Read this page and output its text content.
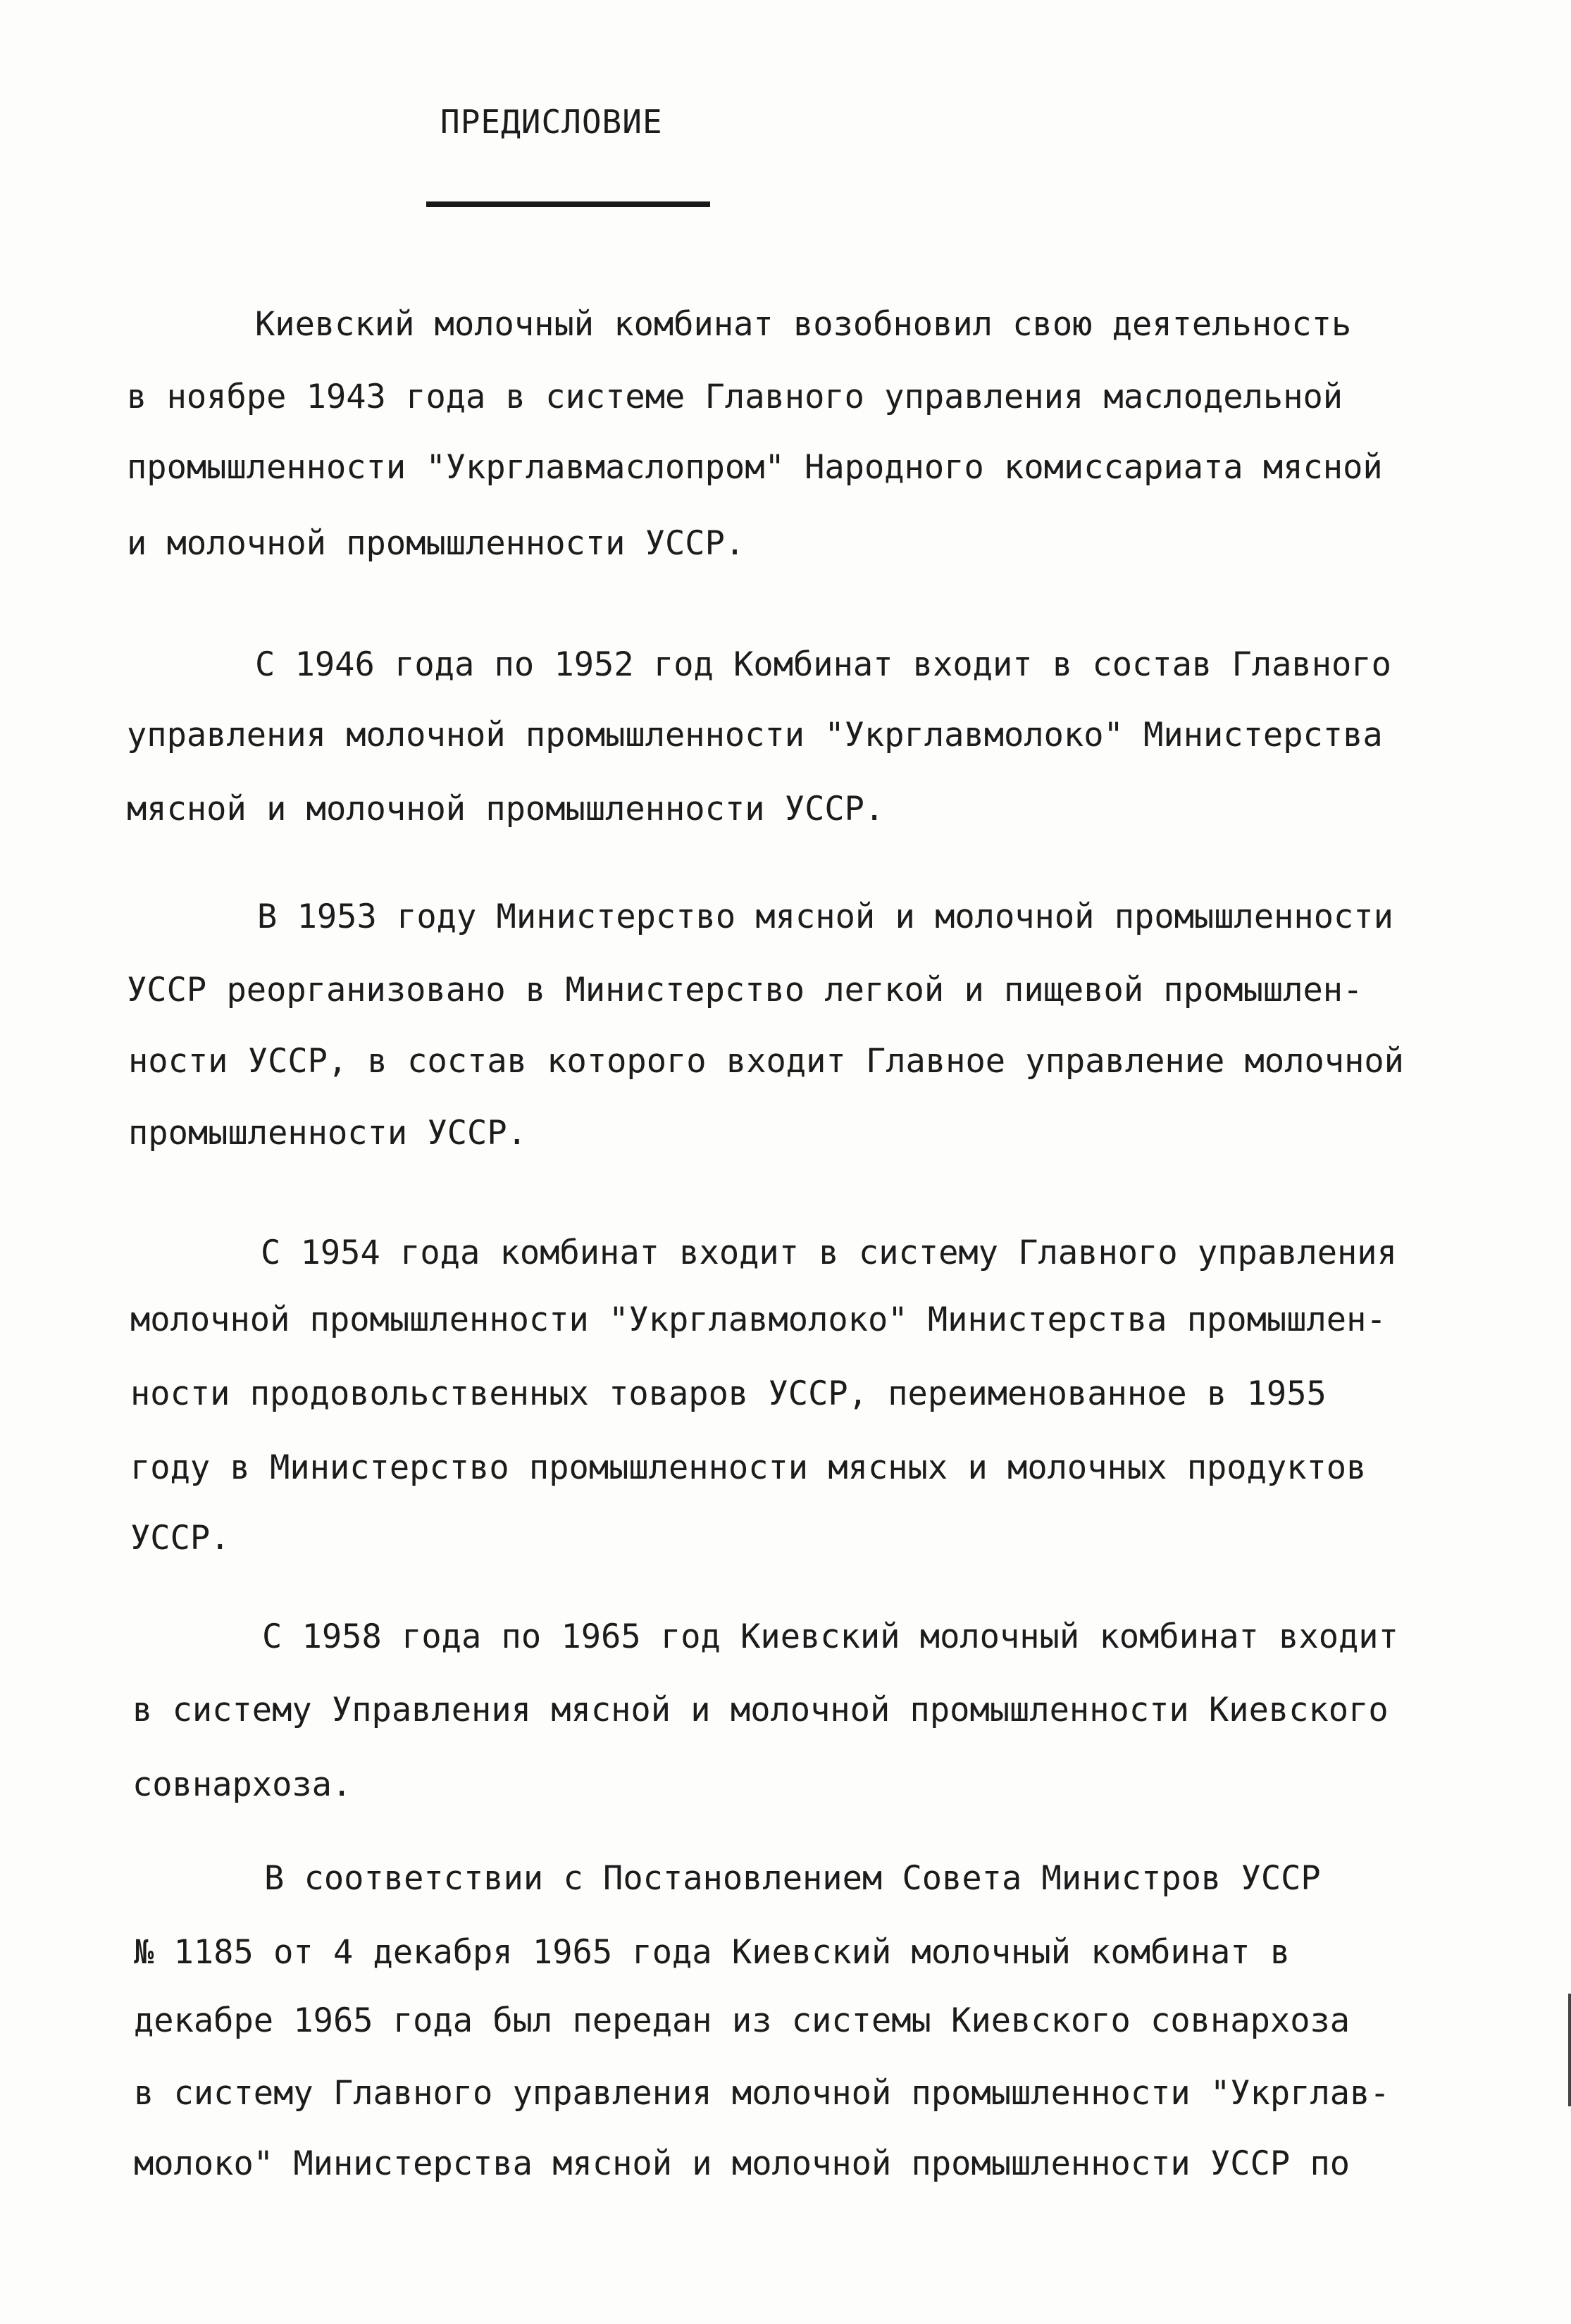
ПРЕДИСЛОВИЕ
Киевский молочный комбинат возобновил свою деятельность
в ноябре 1943 года в системе Главного управления маслодельной
промышленности "Укрглавмаслопром" Народного комиссариата мясной
и молочной промышленности УССР.
С 1946 года по 1952 год Комбинат входит в состав Главного
управления молочной промышленности "Укрглавмолоко" Министерства
мясной и молочной промышленности УССР.
В 1953 году Министерство мясной и молочной промышленности
УССР реорганизовано в Министерство легкой и пищевой промышлен-
ности УССР, в состав которого входит Главное управление молочной
промышленности УССР.
С 1954 года комбинат входит в систему Главного управления
молочной промышленности "Укрглавмолоко" Министерства промышлен-
ности продовольственных товаров УССР, переименованное в 1955
году в Министерство промышленности мясных и молочных продуктов
УССР.
С 1958 года по 1965 год Киевский молочный комбинат входит
в систему Управления мясной и молочной промышленности Киевского
совнархоза.
В соответствии с Постановлением Совета Министров УССР
№ 1185 от 4 декабря 1965 года Киевский молочный комбинат в
декабре 1965 года был передан из системы Киевского совнархоза
в систему Главного управления молочной промышленности "Укрглав-
молоко" Министерства мясной и молочной промышленности УССР по
